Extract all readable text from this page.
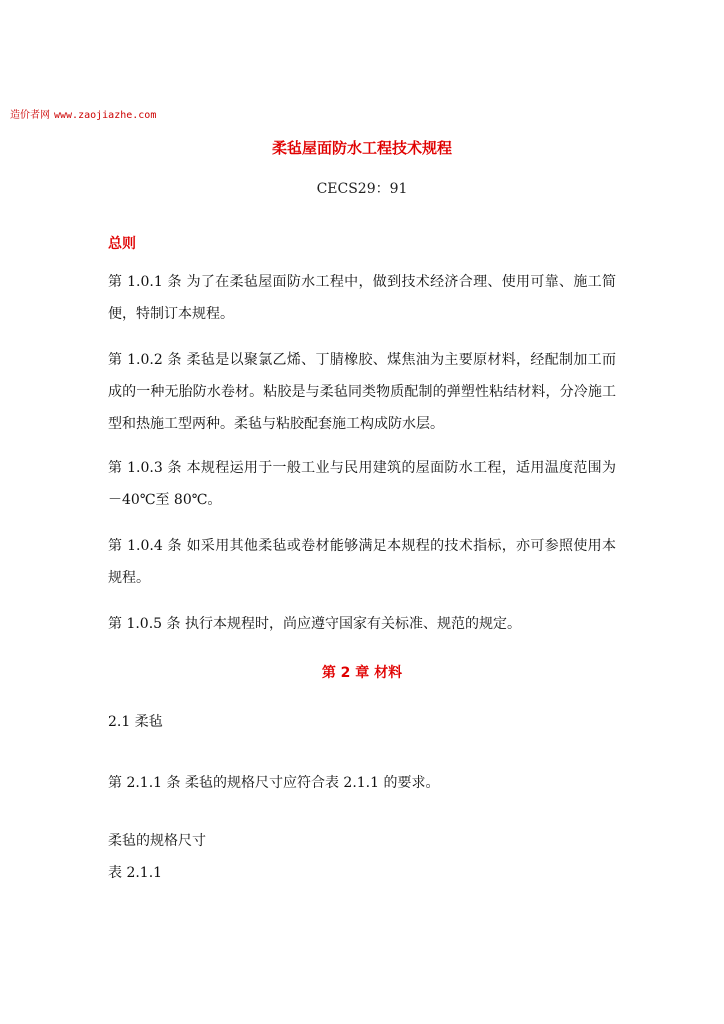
造价者网 www.zaojiazhe.com
柔毡屋面防水工程技术规程
CECS29：91
总则

第 1.0.1 条 为了在柔毡屋面防水工程中，做到技术经济合理、使用可靠、施工简便，特制订本规程。

第 1.0.2 条 柔毡是以聚氯乙烯、丁腈橡胶、煤焦油为主要原材料，经配制加工而成的一种无胎防水卷材。粘胶是与柔毡同类物质配制的弹塑性粘结材料，分冷施工型和热施工型两种。柔毡与粘胶配套施工构成防水层。

第 1.0.3 条 本规程运用于一般工业与民用建筑的屋面防水工程，适用温度范围为－40℃至 80℃。

第 1.0.4 条 如采用其他柔毡或卷材能够满足本规程的技术指标，亦可参照使用本规程。

第 1.0.5 条 执行本规程时，尚应遵守国家有关标准、规范的规定。

第 2 章 材料
2.1 柔毡
第 2.1.1 条 柔毡的规格尺寸应符合表 2.1.1 的要求。
柔毡的规格尺寸
表 2.1.1
